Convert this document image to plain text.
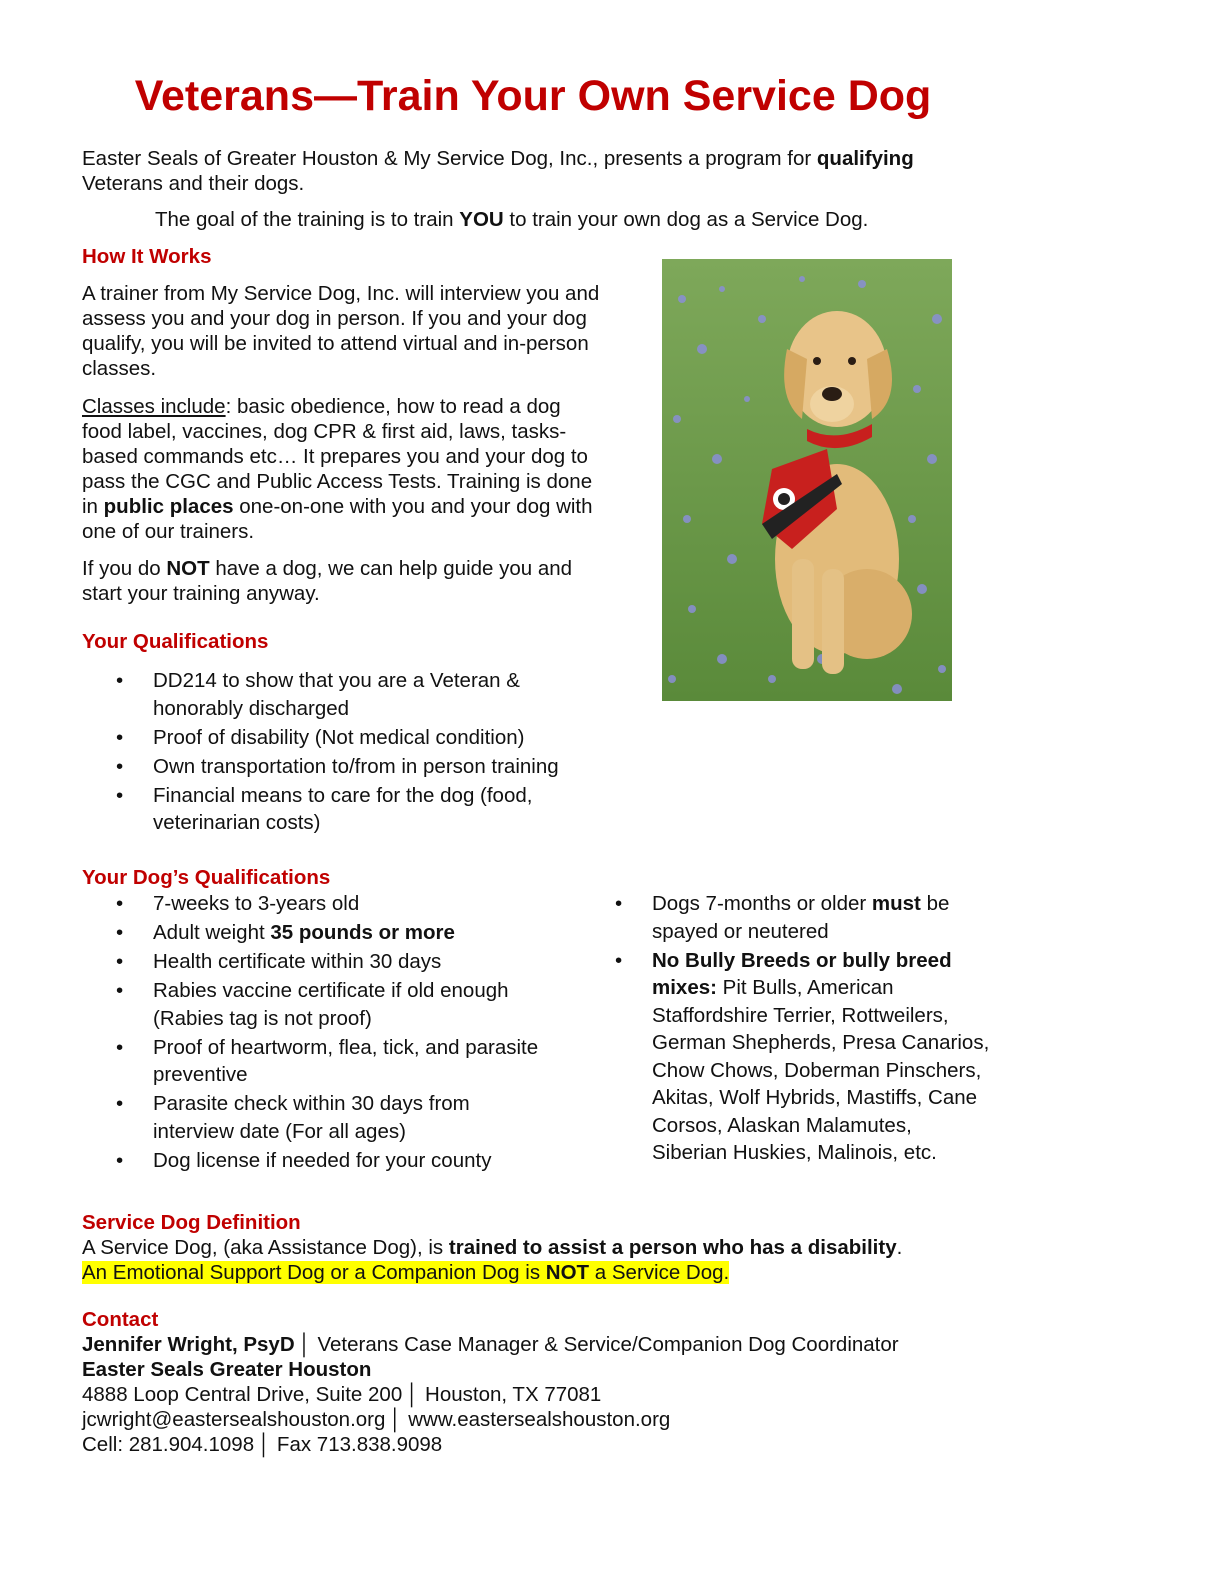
Veterans—Train Your Own Service Dog

Easter Seals of Greater Houston & My Service Dog, Inc., presents a program for qualifying Veterans and their dogs.

The goal of the training is to train YOU to train your own dog as a Service Dog.

How It Works

A trainer from My Service Dog, Inc. will interview you and assess you and your dog in person. If you and your dog qualify, you will be invited to attend virtual and in-person classes.

Classes include: basic obedience, how to read a dog food label, vaccines, dog CPR & first aid, laws, tasks-based commands etc… It prepares you and your dog to pass the CGC and Public Access Tests. Training is done in public places one-on-one with you and your dog with one of our trainers.

If you do NOT have a dog, we can help guide you and start your training anyway.

Your Qualifications
• DD214 to show that you are a Veteran & honorably discharged
• Proof of disability (Not medical condition)
• Own transportation to/from in person training
• Financial means to care for the dog (food, veterinarian costs)
Your Dog’s Qualifications
• 7-weeks to 3-years old
• Adult weight 35 pounds or more
• Health certificate within 30 days
• Rabies vaccine certificate if old enough (Rabies tag is not proof)
• Proof of heartworm, flea, tick, and parasite preventive
• Parasite check within 30 days from interview date (For all ages)
• Dog license if needed for your county
• Dogs 7-months or older must be spayed or neutered
• No Bully Breeds or bully breed mixes: Pit Bulls, American Staffordshire Terrier, Rottweilers, German Shepherds, Presa Canarios, Chow Chows, Doberman Pinschers, Akitas, Wolf Hybrids, Mastiffs, Cane Corsos, Alaskan Malamutes, Siberian Huskies, Malinois, etc.
Service Dog Definition

A Service Dog, (aka Assistance Dog), is trained to assist a person who has a disability.

An Emotional Support Dog or a Companion Dog is NOT a Service Dog.

Contact
Jennifer Wright, PsyD │ Veterans Case Manager & Service/Companion Dog Coordinator
Easter Seals Greater Houston
4888 Loop Central Drive, Suite 200 │ Houston, TX 77081
jcwright@eastersealshouston.org │ www.eastersealshouston.org
Cell: 281.904.1098 │ Fax 713.838.9098
